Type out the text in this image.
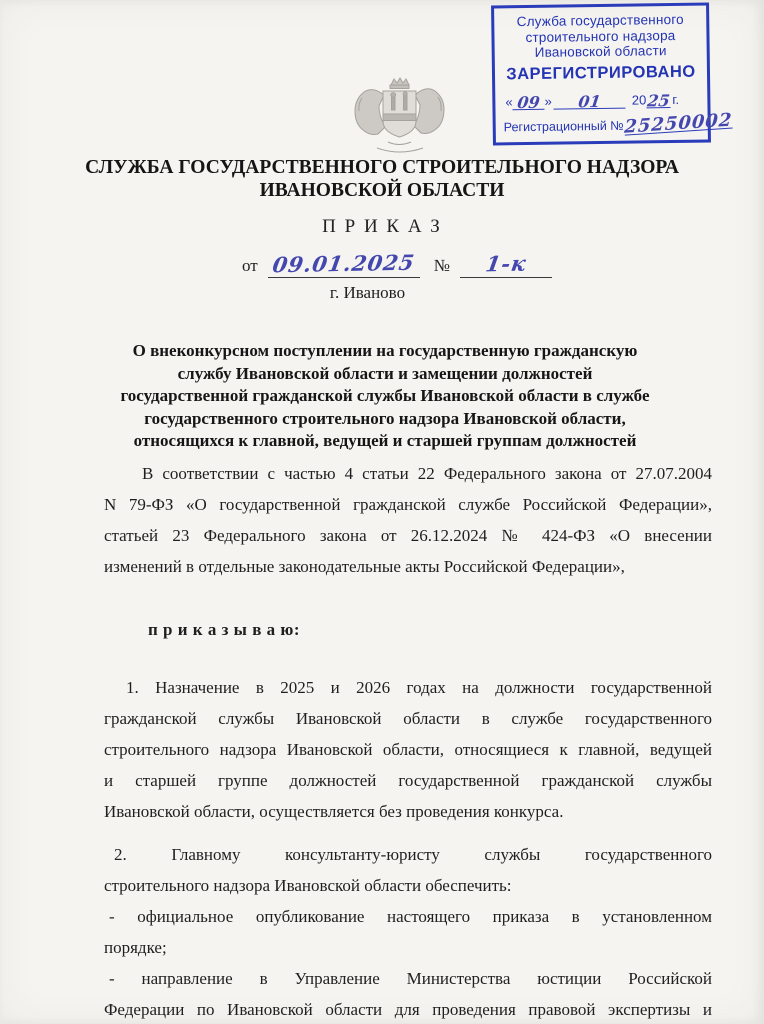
Служба государственного
строительного надзора
Ивановской области
ЗАРЕГИСТРИРОВАНО
« 09 »	01	20 25 г.
Регистрационный № 25250002
СЛУЖБА ГОСУДАРСТВЕННОГО СТРОИТЕЛЬНОГО НАДЗОРА
ИВАНОВСКОЙ ОБЛАСТИ
П Р И К А З
от 09.01.2025 №	1-к
г. Иваново
О внеконкурсном поступлении на государственную гражданскую
службу Ивановской области и замещении должностей
государственной гражданской службы Ивановской области в службе
государственного строительного надзора Ивановской области,
относящихся к главной, ведущей и старшей группам должностей
В соответствии с частью 4 статьи 22 Федерального закона от 27.07.2004
N 79-ФЗ «О государственной гражданской службе Российской Федерации»,
статьей 23 Федерального закона от 26.12.2024 № 424-ФЗ «О внесении
изменений в отдельные законодательные акты Российской Федерации»,
п р и к а з ы в а ю:
1. Назначение в 2025 и 2026 годах на должности государственной
гражданской службы Ивановской области в службе государственного
строительного надзора Ивановской области, относящиеся к главной, ведущей
и старшей группе должностей государственной гражданской службы
Ивановской области, осуществляется без проведения конкурса.
2. Главному консультанту-юристу службы государственного
строительного надзора Ивановской области обеспечить:
- официальное опубликование настоящего приказа в установленном
порядке;
- направление в Управление Министерства юстиции Российской
Федерации по Ивановской области для проведения правовой экспертизы и
